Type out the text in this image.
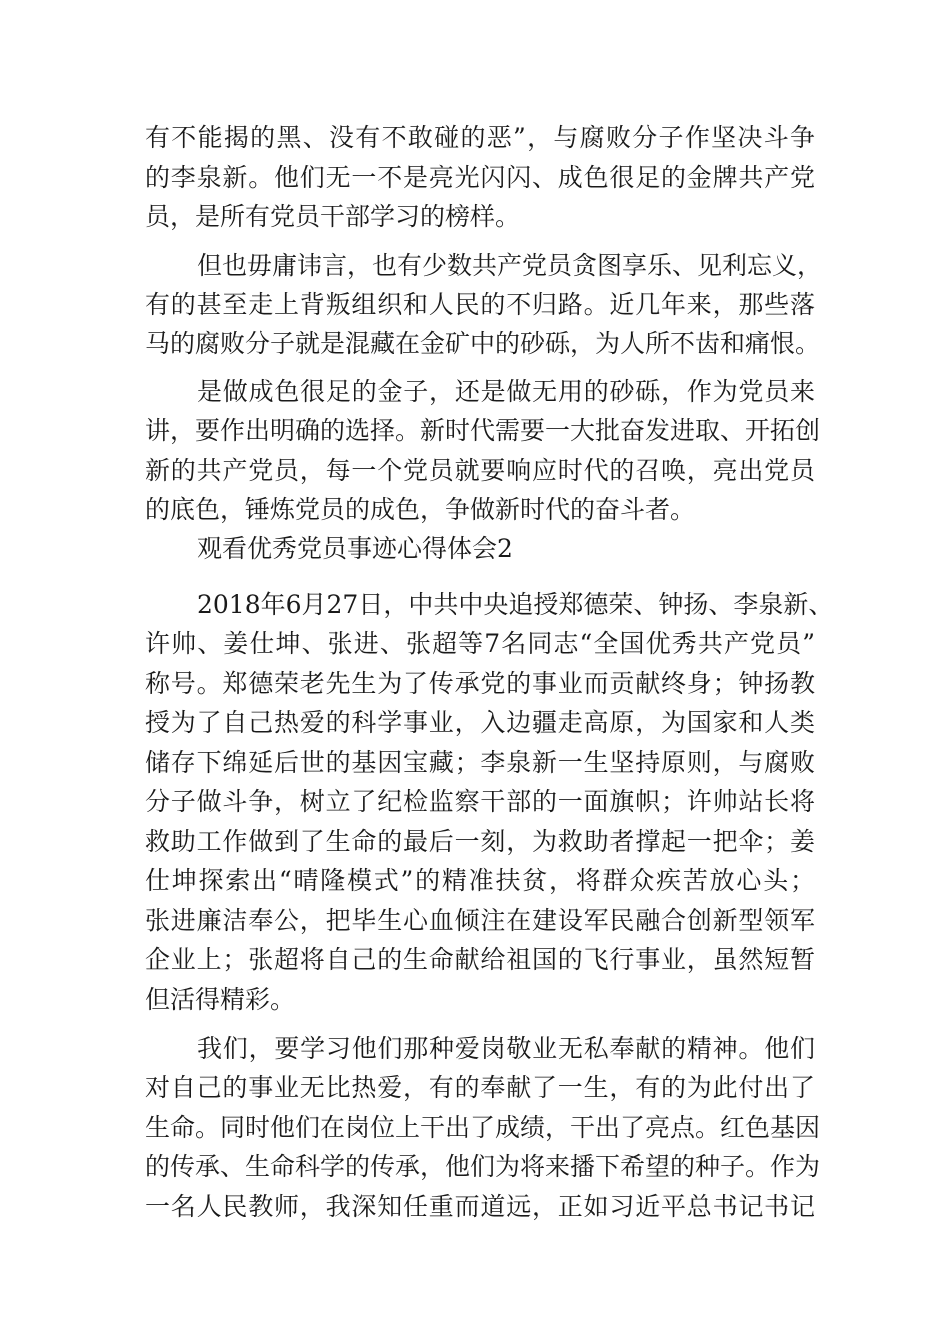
有不能揭的黑、没有不敢碰的恶”，与腐败分子作坚决斗争
的李泉新。他们无一不是亮光闪闪、成色很足的金牌共产党
员，是所有党员干部学习的榜样。
但也毋庸讳言，也有少数共产党员贪图享乐、见利忘义，
有的甚至走上背叛组织和人民的不归路。近几年来，那些落
马的腐败分子就是混藏在金矿中的砂砾，为人所不齿和痛恨。
是做成色很足的金子，还是做无用的砂砾，作为党员来
讲，要作出明确的选择。新时代需要一大批奋发进取、开拓创
新的共产党员，每一个党员就要响应时代的召唤，亮出党员
的底色，锤炼党员的成色，争做新时代的奋斗者。
观看优秀党员事迹心得体会2
2018年6月27日，中共中央追授郑德荣、钟扬、李泉新、
许帅、姜仕坤、张进、张超等7名同志“全国优秀共产党员”
称号。郑德荣老先生为了传承党的事业而贡献终身；钟扬教
授为了自己热爱的科学事业，入边疆走高原，为国家和人类
储存下绵延后世的基因宝藏；李泉新一生坚持原则，与腐败
分子做斗争，树立了纪检监察干部的一面旗帜；许帅站长将
救助工作做到了生命的最后一刻，为救助者撑起一把伞；姜
仕坤探索出“晴隆模式”的精准扶贫，将群众疾苦放心头；
张进廉洁奉公，把毕生心血倾注在建设军民融合创新型领军
企业上；张超将自己的生命献给祖国的飞行事业，虽然短暂
但活得精彩。
我们，要学习他们那种爱岗敬业无私奉献的精神。他们
对自己的事业无比热爱，有的奉献了一生，有的为此付出了
生命。同时他们在岗位上干出了成绩，干出了亮点。红色基因
的传承、生命科学的传承，他们为将来播下希望的种子。作为
一名人民教师，我深知任重而道远，正如习近平总书记书记
